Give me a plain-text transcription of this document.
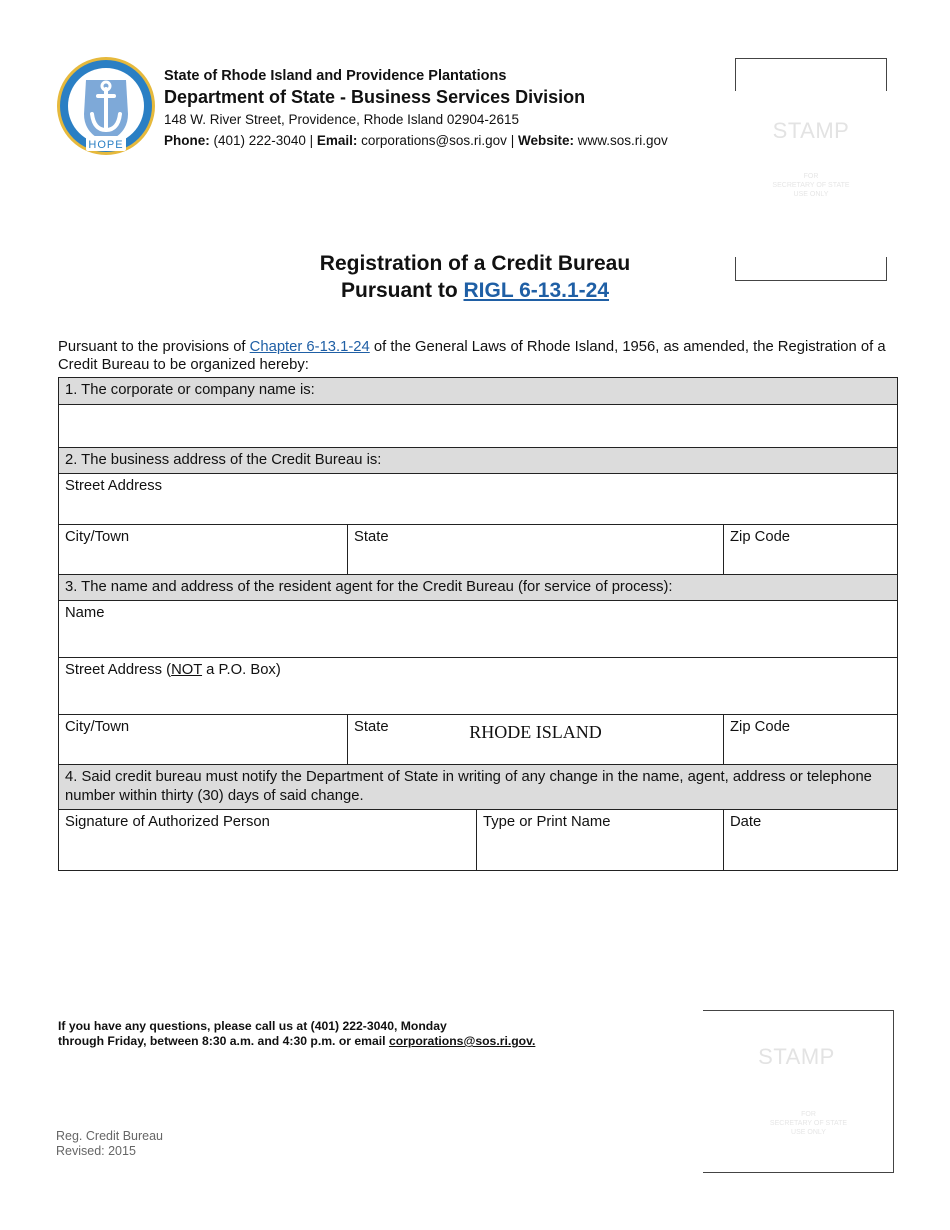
HOPE
State of Rhode Island and Providence Plantations
Department of State - Business Services Division
148 W. River Street, Providence, Rhode Island 02904-2615
Phone: (401) 222-3040 | Email: corporations@sos.ri.gov | Website: www.sos.ri.gov	STAMP
FOR
SECRETARY OF STATE
USE ONLY
Registration of a Credit Bureau
Pursuant to RIGL 6-13.1-24
Pursuant to the provisions of Chapter 6-13.1-24 of the General Laws of Rhode Island, 1956, as amended, the Registration of a Credit Bureau to be organized hereby:
1. The corporate or company name is:			

2. The business address of the Credit Bureau is:			
Street Address			
City/Town	State		Zip Code
3. The name and address of the resident agent for the Credit Bureau (for service of process):			
Name			
Street Address (NOT a P.O. Box)			
City/Town	State RHODE ISLAND		Zip Code
4. Said credit bureau must notify the Department of State in writing of any change in the name, agent, address or telephone number within thirty (30) days of said change.			
Signature of Authorized Person		Type or Print Name	Date
If you have any questions, please call us at (401) 222-3040, Monday
through Friday, between 8:30 a.m. and 4:30 p.m. or email corporations@sos.ri.gov.
Reg. Credit Bureau
Revised: 2015
STAMP
FOR
SECRETARY OF STATE
USE ONLY
